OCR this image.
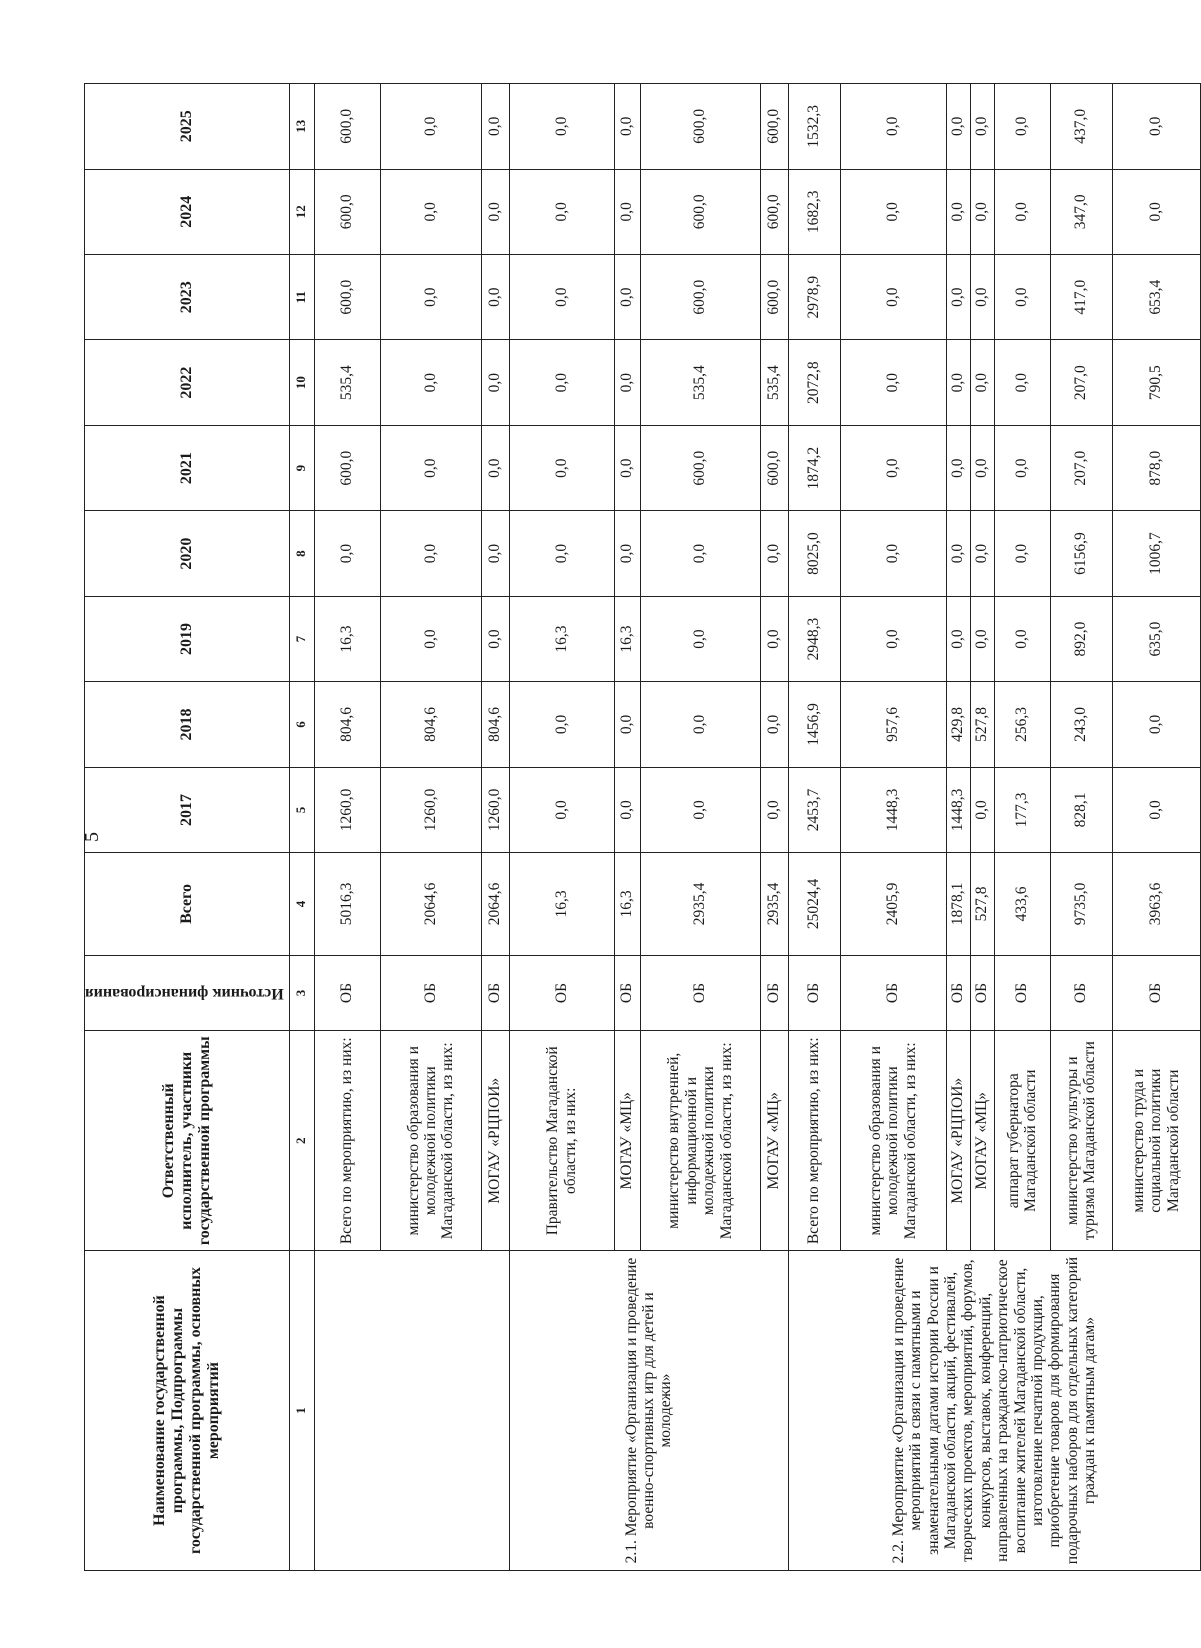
5
Наименование государственной программы, Подпрограммы государственной программы, основных мероприятий	Ответственный исполнитель, участники государственной программы	Источник финансирования	Всего	2017	2018	2019	2020	2021	2022	2023	2024	2025
1	2	3	4	5	6	7	8	9	10	11	12	13

	Всего по мероприятию, из них:	ОБ	5016,3	1260,0	804,6	16,3	0,0	600,0	535,4	600,0	600,0	600,0
	министерство образования и молодежной политики Магаданской области, из них:	ОБ	2064,6	1260,0	804,6	0,0	0,0	0,0	0,0	0,0	0,0	0,0
	МОГАУ «РЦПОИ»	ОБ	2064,6	1260,0	804,6	0,0	0,0	0,0	0,0	0,0	0,0	0,0

2.1. Мероприятие «Организация и проведение военно-спортивных игр для детей и молодежи»	Правительство Магаданской области, из них:	ОБ	16,3	0,0	0,0	16,3	0,0	0,0	0,0	0,0	0,0	0,0
	МОГАУ «МЦ»	ОБ	16,3	0,0	0,0	16,3	0,0	0,0	0,0	0,0	0,0	0,0
	министерство внутренней, информационной и молодежной политики Магаданской области, из них:	ОБ	2935,4	0,0	0,0	0,0	0,0	600,0	535,4	600,0	600,0	600,0
	МОГАУ «МЦ»	ОБ	2935,4	0,0	0,0	0,0	0,0	600,0	535,4	600,0	600,0	600,0

2.2. Мероприятие «Организация и проведение мероприятий в связи с памятными и знаменательными датами истории России и Магаданской области, акций, фестивалей, творческих проектов, мероприятий, форумов, конкурсов, выставок, конференций, направленных на гражданско-патриотическое воспитание жителей Магаданской области, изготовление печатной продукции, приобретение товаров для формирования подарочных наборов для отдельных категорий граждан к памятным датам»	Всего по мероприятию, из них:	ОБ	25024,4	2453,7	1456,9	2948,3	8025,0	1874,2	2072,8	2978,9	1682,3	1532,3
	министерство образования и молодежной политики Магаданской области, из них:	ОБ	2405,9	1448,3	957,6	0,0	0,0	0,0	0,0	0,0	0,0	0,0
	МОГАУ «РЦПОИ»	ОБ	1878,1	1448,3	429,8	0,0	0,0	0,0	0,0	0,0	0,0	0,0
	МОГАУ «МЦ»	ОБ	527,8	0,0	527,8	0,0	0,0	0,0	0,0	0,0	0,0	0,0
	аппарат губернатора Магаданской области	ОБ	433,6	177,3	256,3	0,0	0,0	0,0	0,0	0,0	0,0	0,0
	министерство культуры и туризма Магаданской области	ОБ	9735,0	828,1	243,0	892,0	6156,9	207,0	207,0	417,0	347,0	437,0
	министерство труда и социальной политики Магаданской области	ОБ	3963,6	0,0	0,0	635,0	1006,7	878,0	790,5	653,4	0,0	0,0
